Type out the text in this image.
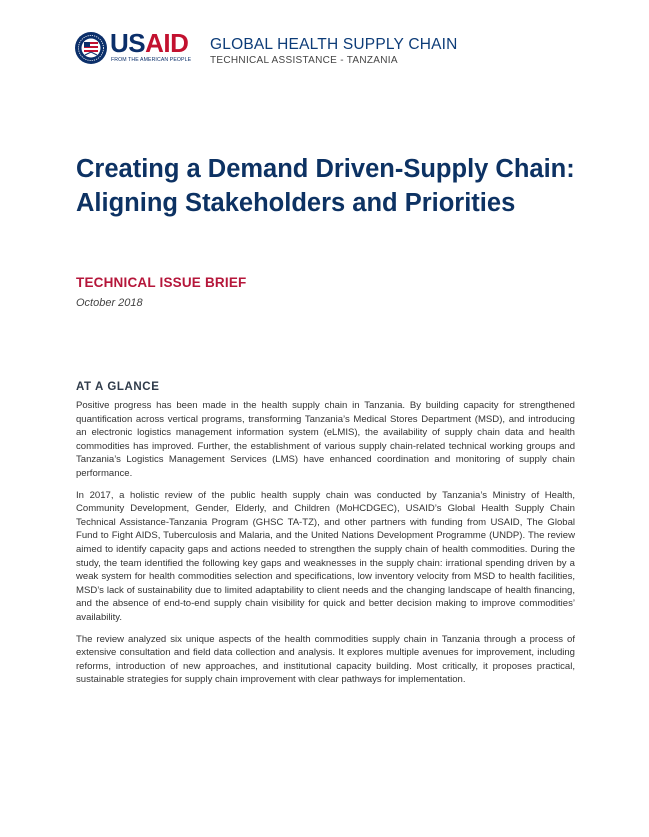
USAID
FROM THE AMERICAN PEOPLE
GLOBAL HEALTH SUPPLY CHAIN
TECHNICAL ASSISTANCE - TANZANIA
Creating a Demand Driven-Supply Chain: Aligning Stakeholders and Priorities
TECHNICAL ISSUE BRIEF
October 2018
AT A GLANCE

Positive progress has been made in the health supply chain in Tanzania. By building capacity for strengthened quantification across vertical programs, transforming Tanzania’s Medical Stores Department (MSD), and introducing an electronic logistics management information system (eLMIS), the availability of supply chain data and health commodities has improved. Further, the establishment of various supply chain-related technical working groups and Tanzania’s Logistics Management Services (LMS) have enhanced coordination and monitoring of supply chain performance.

In 2017, a holistic review of the public health supply chain was conducted by Tanzania’s Ministry of Health, Community Development, Gender, Elderly, and Children (MoHCDGEC), USAID’s Global Health Supply Chain Technical Assistance-Tanzania Program (GHSC TA-TZ), and other partners with funding from USAID, The Global Fund to Fight AIDS, Tuberculosis and Malaria, and the United Nations Development Programme (UNDP). The review aimed to identify capacity gaps and actions needed to strengthen the supply chain of health commodities. During the study, the team identified the following key gaps and weaknesses in the supply chain: irrational spending driven by a weak system for health commodities selection and specifications, low inventory velocity from MSD to health facilities, MSD’s lack of sustainability due to limited adaptability to client needs and the changing landscape of health financing, and the absence of end-to-end supply chain visibility for quick and better decision making to improve commodities’ availability.

The review analyzed six unique aspects of the health commodities supply chain in Tanzania through a process of extensive consultation and field data collection and analysis. It explores multiple avenues for improvement, including reforms, introduction of new approaches, and institutional capacity building. Most critically, it proposes practical, sustainable strategies for supply chain improvement with clear pathways for implementation.
